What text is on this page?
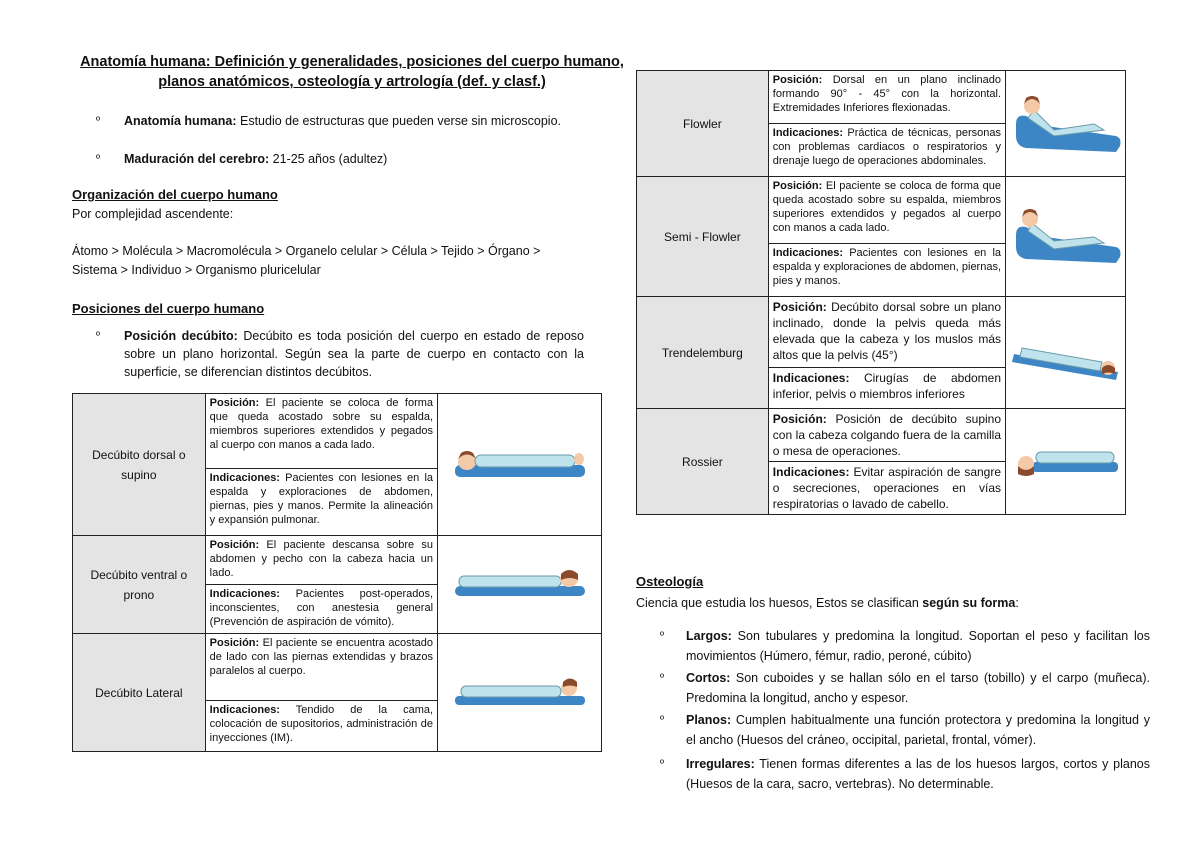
Anatomía humana: Definición y generalidades, posiciones del cuerpo humano, planos anatómicos, osteología y artrología (def. y clasf.)
º Anatomía humana: Estudio de estructuras que pueden verse sin microscopio.
º Maduración del cerebro: 21-25 años (adultez)
Organización del cuerpo humano
Por complejidad ascendente:
Átomo > Molécula > Macromolécula > Organelo celular > Célula > Tejido > Órgano > Sistema > Individuo > Organismo pluricelular
Posiciones del cuerpo humano
º Posición decúbito: Decúbito es toda posición del cuerpo en estado de reposo sobre un plano horizontal. Según sea la parte de cuerpo en contacto con la superficie, se diferencian distintos decúbitos.
Decúbito dorsal o supino	Posición: El paciente se coloca de forma que queda acostado sobre su espalda, miembros superiores extendidos y pegados al cuerpo con manos a cada lado.	

	Indicaciones: Pacientes con lesiones en la espalda y exploraciones de abdomen, piernas, pies y manos. Permite la alineación y expansión pulmonar.	
Decúbito ventral o prono	Posición: El paciente descansa sobre su abdomen y pecho con la cabeza hacia un lado.	

	Indicaciones: Pacientes post-operados, inconscientes, con anestesia general (Prevención de aspiración de vómito).	
Decúbito Lateral	Posición: El paciente se encuentra acostado de lado con las piernas extendidas y brazos paralelos al cuerpo.	

	Indicaciones: Tendido de la cama, colocación de supositorios, administración de inyecciones (IM).	
Flowler	Posición: Dorsal en un plano inclinado formando 90° - 45° con la horizontal. Extremidades Inferiores flexionadas.	

	Indicaciones: Práctica de técnicas, personas con problemas cardiacos o respiratorios y drenaje luego de operaciones abdominales.	
Semi - Flowler	Posición: El paciente se coloca de forma que queda acostado sobre su espalda, miembros superiores extendidos y pegados al cuerpo con manos a cada lado.	

	Indicaciones: Pacientes con lesiones en la espalda y exploraciones de abdomen, piernas, pies y manos.	
Trendelemburg	Posición: Decúbito dorsal sobre un plano inclinado, donde la pelvis queda más elevada que la cabeza y los muslos más altos que la pelvis (45°)	

	Indicaciones: Cirugías de abdomen inferior, pelvis o miembros inferiores	
Rossier	Posición: Posición de decúbito supino con la cabeza colgando fuera de la camilla o mesa de operaciones.	

	Indicaciones: Evitar aspiración de sangre o secreciones, operaciones en vías respiratorias o lavado de cabello.	
Osteología
Ciencia que estudia los huesos, Estos se clasifican según su forma:
º Largos: Son tubulares y predomina la longitud. Soportan el peso y facilitan los movimientos (Húmero, fémur, radio, peroné, cúbito)
º Cortos: Son cuboides y se hallan sólo en el tarso (tobillo) y el carpo (muñeca). Predomina la longitud, ancho y espesor.
º Planos: Cumplen habitualmente una función protectora y predomina la longitud y el ancho (Huesos del cráneo, occipital, parietal, frontal, vómer).
º Irregulares: Tienen formas diferentes a las de los huesos largos, cortos y planos (Huesos de la cara, sacro, vertebras). No determinable.
